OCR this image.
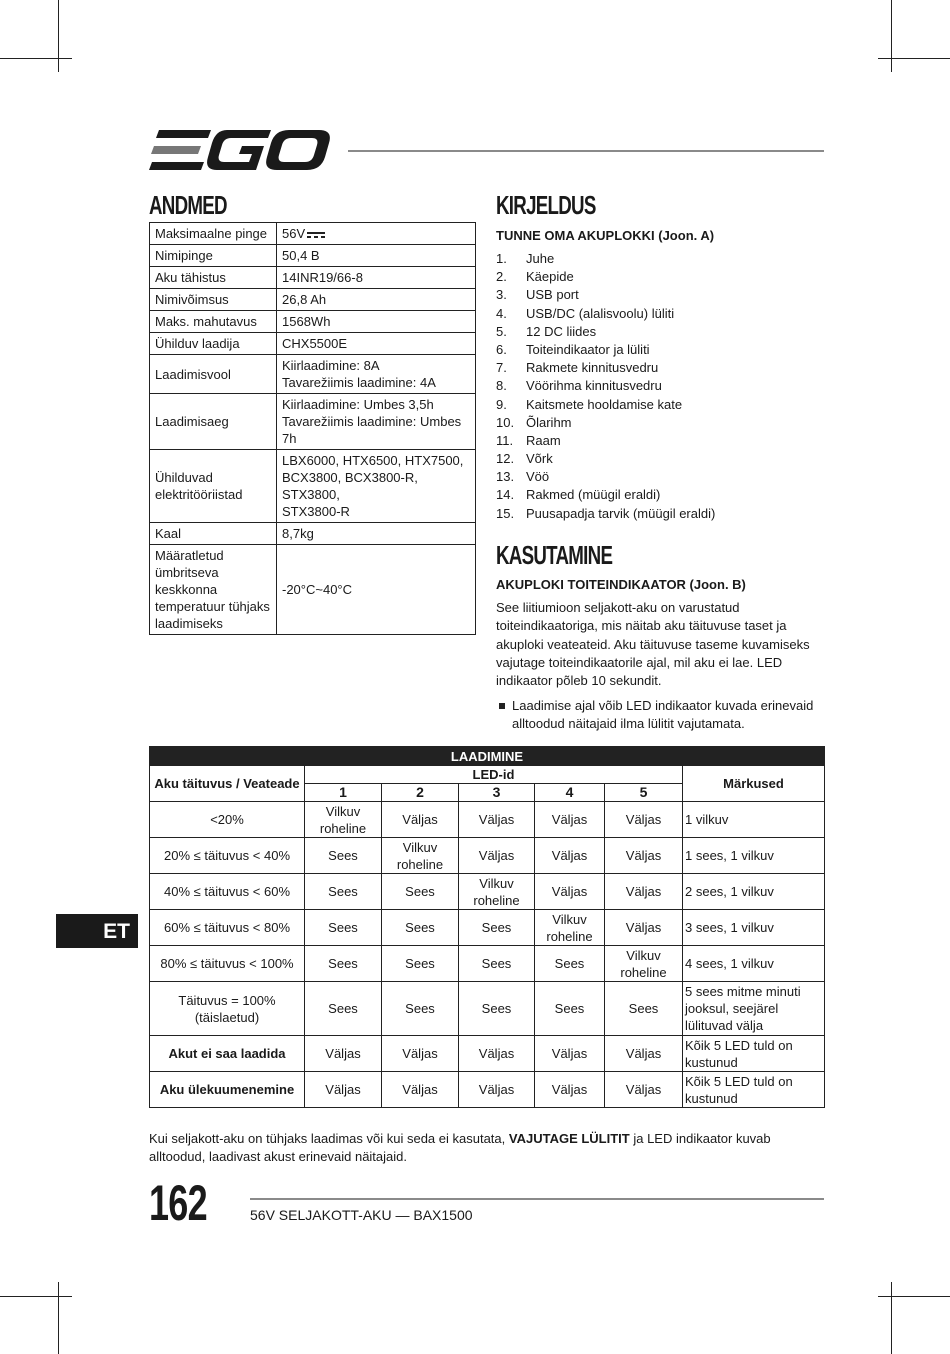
ANDMED
Maksimaalne pinge	56V
Nimipinge	50,4 B
Aku tähistus	14INR19/66-8
Nimivõimsus	26,8 Ah
Maks. mahutavus	1568Wh
Ühilduv laadija	CHX5500E
Laadimisvool	Kiirlaadimine: 8A
Tavarežiimis laadimine: 4A
Laadimisaeg	Kiirlaadimine: Umbes 3,5h
Tavarežiimis laadimine: Umbes 7h
Ühilduvad
elektritööriistad	LBX6000, HTX6500, HTX7500,
BCX3800, BCX3800-R, STX3800,
STX3800-R
Kaal	8,7kg
Määratletud
ümbritseva
keskkonna
temperatuur tühjaks
laadimiseks	-20°C~40°C
KIRJELDUS
TUNNE OMA AKUPLOKKI (Joon. A)
1. Juhe
2. Käepide
3. USB port
4. USB/DC (alalisvoolu) lüliti
5. 12 DC liides
6. Toiteindikaator ja lüliti
7. Rakmete kinnitusvedru
8. Vöörihma kinnitusvedru
9. Kaitsmete hooldamise kate
10. Õlarihm
11. Raam
12. Võrk
13. Vöö
14. Rakmed (müügil eraldi)
15. Puusapadja tarvik (müügil eraldi)
KASUTAMINE
AKUPLOKI TOITEINDIKAATOR (Joon. B)
See liitiumioon seljakott-aku on varustatud toiteindikaatoriga, mis näitab aku täituvuse taset ja akuploki veateateid. Aku täituvuse taseme kuvamiseks vajutage toiteindikaatorile ajal, mil aku ei lae. LED indikaator põleb 10 sekundit.
Laadimise ajal võib LED indikaator kuvada erinevaid alltoodud näitajaid ilma lülitit vajutamata.
LAADIMINE						
Aku täituvus / Veateade	LED-id					Märkused
	1	2	3	4	5	
<20%	Vilkuv
roheline	Väljas	Väljas	Väljas	Väljas	1 vilkuv
20% ≤ täituvus < 40%	Sees	Vilkuv
roheline	Väljas	Väljas	Väljas	1 sees, 1 vilkuv
40% ≤ täituvus < 60%	Sees	Sees	Vilkuv
roheline	Väljas	Väljas	2 sees, 1 vilkuv
60% ≤ täituvus < 80%	Sees	Sees	Sees	Vilkuv
roheline	Väljas	3 sees, 1 vilkuv
80% ≤ täituvus < 100%	Sees	Sees	Sees	Sees	Vilkuv
roheline	4 sees, 1 vilkuv
Täituvus = 100%
(täislaetud)	Sees	Sees	Sees	Sees	Sees	5 sees mitme minuti
jooksul, seejärel
lülituvad välja
Akut ei saa laadida	Väljas	Väljas	Väljas	Väljas	Väljas	Kõik 5 LED tuld on
kustunud
Aku ülekuumenemine	Väljas	Väljas	Väljas	Väljas	Väljas	Kõik 5 LED tuld on
kustunud
Kui seljakott-aku on tühjaks laadimas või kui seda ei kasutata, VAJUTAGE LÜLITIT ja LED indikaator kuvab alltoodud, laadivast akust erinevaid näitajaid.
ET
162	56V SELJAKOTT-AKU — BAX1500
